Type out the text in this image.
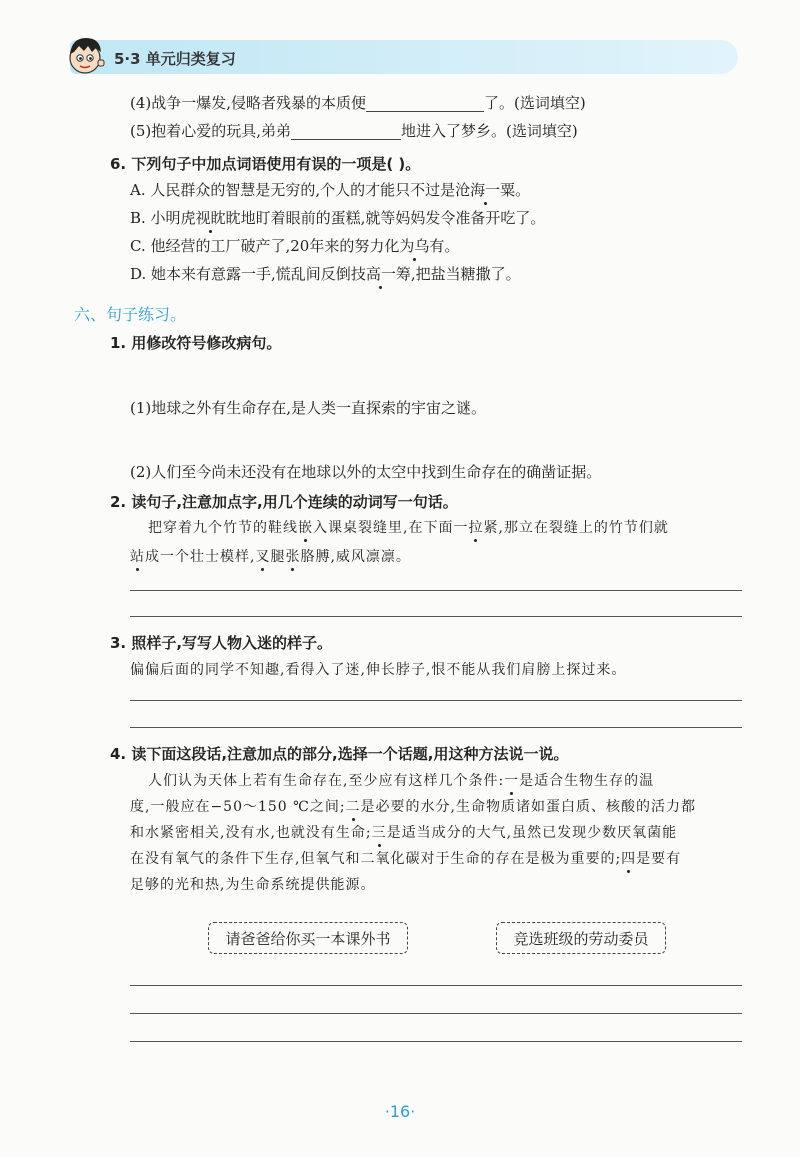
5·3 单元归类复习
(4)战争一爆发,侵略者残暴的本质便	了。(选词填空)
(5)抱着心爱的玩具,弟弟	地进入了梦乡。(选词填空)
6. 下列句子中加点词语使用有误的一项是( )。
A. 人民群众的智慧是无穷的,个人的才能只不过是沧海一粟。
B. 小明虎视眈眈地盯着眼前的蛋糕,就等妈妈发令准备开吃了。
C. 他经营的工厂破产了,20年来的努力化为乌有。
D. 她本来有意露一手,慌乱间反倒技高一筹,把盐当糖撒了。
六、句子练习。
1. 用修改符号修改病句。
(1)地球之外有生命存在,是人类一直探索的宇宙之谜。
(2)人们至今尚未还没有在地球以外的太空中找到生命存在的确凿证据。
2. 读句子,注意加点字,用几个连续的动词写一句话。
把穿着九个竹节的鞋线嵌入课桌裂缝里,在下面一拉紧,那立在裂缝上的竹节们就
站成一个壮士模样,叉腿张胳膊,威风凛凛。
3. 照样子,写写人物入迷的样子。
偏偏后面的同学不知趣,看得入了迷,伸长脖子,恨不能从我们肩膀上探过来。
4. 读下面这段话,注意加点的部分,选择一个话题,用这种方法说一说。
人们认为天体上若有生命存在,至少应有这样几个条件:一是适合生物生存的温
度,一般应在−50～150 ℃之间;二是必要的水分,生命物质诸如蛋白质、核酸的活力都
和水紧密相关,没有水,也就没有生命;三是适当成分的大气,虽然已发现少数厌氧菌能
在没有氧气的条件下生存,但氧气和二氧化碳对于生命的存在是极为重要的;四是要有
足够的光和热,为生命系统提供能源。
请爸爸给你买一本课外书	竞选班级的劳动委员
·16·
